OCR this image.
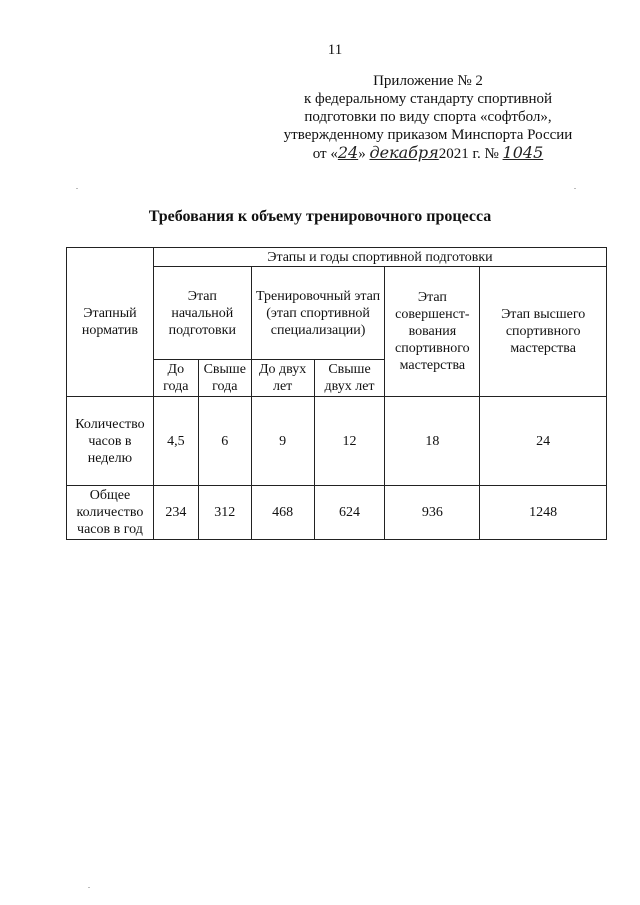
11
Приложение № 2
к федеральному стандарту спортивной
подготовки по виду спорта «софтбол»,
утвержденному приказом Минспорта России
от «24» декабря2021 г. № 1045
Требования к объему тренировочного процесса
Этапный норматив	Этапы и годы спортивной подготовки					
	Этап начальной подготовки		Тренировочный этап (этап спортивной специализации)		Этап совершенст-вования спортивного мастерства	Этап высшего спортивного мастерства
	До года	Свыше года	До двух лет	Свыше двух лет		
Количество часов в неделю	4,5	6	9	12	18	24
Общее количество часов в год	234	312	468	624	936	1248
